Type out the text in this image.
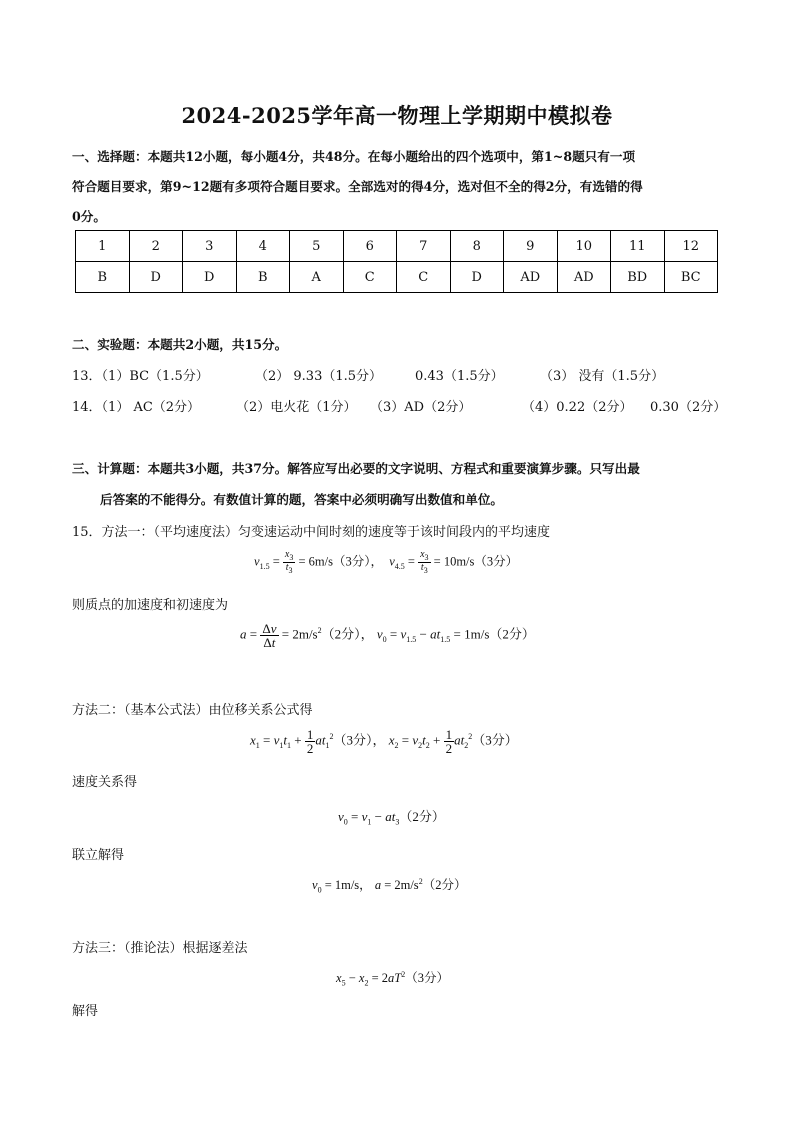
2024-2025学年高一物理上学期期中模拟卷
一、选择题：本题共12小题，每小题4分，共48分。在每小题给出的四个选项中，第1~8题只有一项
符合题目要求，第9~12题有多项符合题目要求。全部选对的得4分，选对但不全的得2分，有选错的得
0分。
1	2	3	4	5	6	7	8	9	10	11	12
B	D	D	B	A	C	C	D	AD	AD	BD	BC
二、实验题：本题共2小题，共15分。
13．（1）BC（1.5分）	（2） 9.33（1.5分）	0.43（1.5分）	（3） 没有（1.5分）
14．（1） AC（2分）	（2）电火花（1分） （3）AD（2分）	（4）0.22（2分） 0.30（2分）
三、计算题：本题共3小题，共37分。解答应写出必要的文字说明、方程式和重要演算步骤。只写出最
后答案的不能得分。有数值计算的题，答案中必须明确写出数值和单位。
15．方法一：（平均速度法）匀变速运动中间时刻的速度等于该时间段内的平均速度
$v_{1.5} = \frac{x_3}{t_3} = 6m/s(3$分）， $v_{4.5} = \frac{x_3}{t_3} = 10m/s(3$分）
则质点的加速度和初速度为
$a = \frac{\Delta v}{\Delta t} = 2m/s^2(2$分）， $v_0 = v_{1.5} - at_{1.5} = 1m/s(2$分）
方法二：（基本公式法）由位移关系公式得
$x_1 = v_1t_1 + \frac{1}{2} at_1^2(3$分）， $x_2 = v_2t_2 + \frac{1}{2} at_2^2(3$分）
速度关系得
$v_0 = v_1 - at_3(2$分）
联立解得
$v_0 = 1m/s$， $a = 2m/s^2(2$分）
方法三：（推论法）根据逐差法
$x_5 - x_2 = 2aT^2(3$分）
解得
